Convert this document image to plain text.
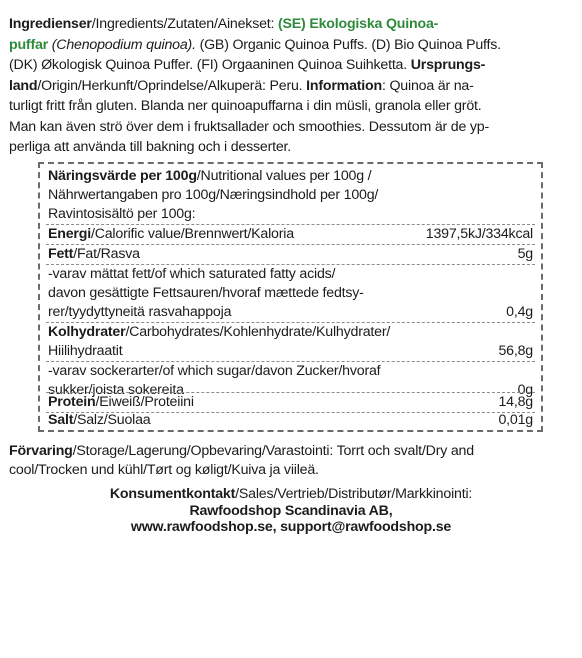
Ingredienser/Ingredients/Zutaten/Ainekset: (SE) Ekologiska Quinoa-
puffar (Chenopodium quinoa). (GB) Organic Quinoa Puffs. (D) Bio Quinoa Puffs.
(DK) Økologisk Quinoa Puffer. (FI) Orgaaninen Quinoa Suihketta. Ursprungs-
land/Origin/Herkunft/Oprindelse/Alkuperä: Peru. Information: Quinoa är na-
turligt fritt från gluten. Blanda ner quinoapuffarna i din müsli, granola eller gröt.
Man kan även strö över dem i fruktsallader och smoothies. Dessutom är de yp-
perliga att använda till bakning och i desserter.
Näringsvärde per 100g/Nutritional values per 100g /
Nährwertangaben pro 100g/Næringsindhold per 100g/
Ravintosisältö per 100g:
Energi/Calorific value/Brennwert/Kaloria	1397,5kJ/334kcal
Fett/Fat/Rasva	5g
-varav mättat fett/of which saturated fatty acids/
davon gesättigte Fettsauren/hvoraf mættede fedtsy-
rer/tyydyttyneitä rasvahappoja	0,4g
Kolhydrater/Carbohydrates/Kohlenhydrate/Kulhydrater/
Hiilihydraatit	56,8g
-varav sockerarter/of which sugar/davon Zucker/hvoraf
sukker/joista sokereita	0g
Protein/Eiweiß/Proteiini	14,8g
Salt/Salz/Suolaa	0,01g
Förvaring/Storage/Lagerung/Opbevaring/Varastointi: Torrt och svalt/Dry and
cool/Trocken und kühl/Tørt og køligt/Kuiva ja viileä.
Konsumentkontakt/Sales/Vertrieb/Distributør/Markkinointi:
Rawfoodshop Scandinavia AB,
www.rawfoodshop.se, support@rawfoodshop.se
